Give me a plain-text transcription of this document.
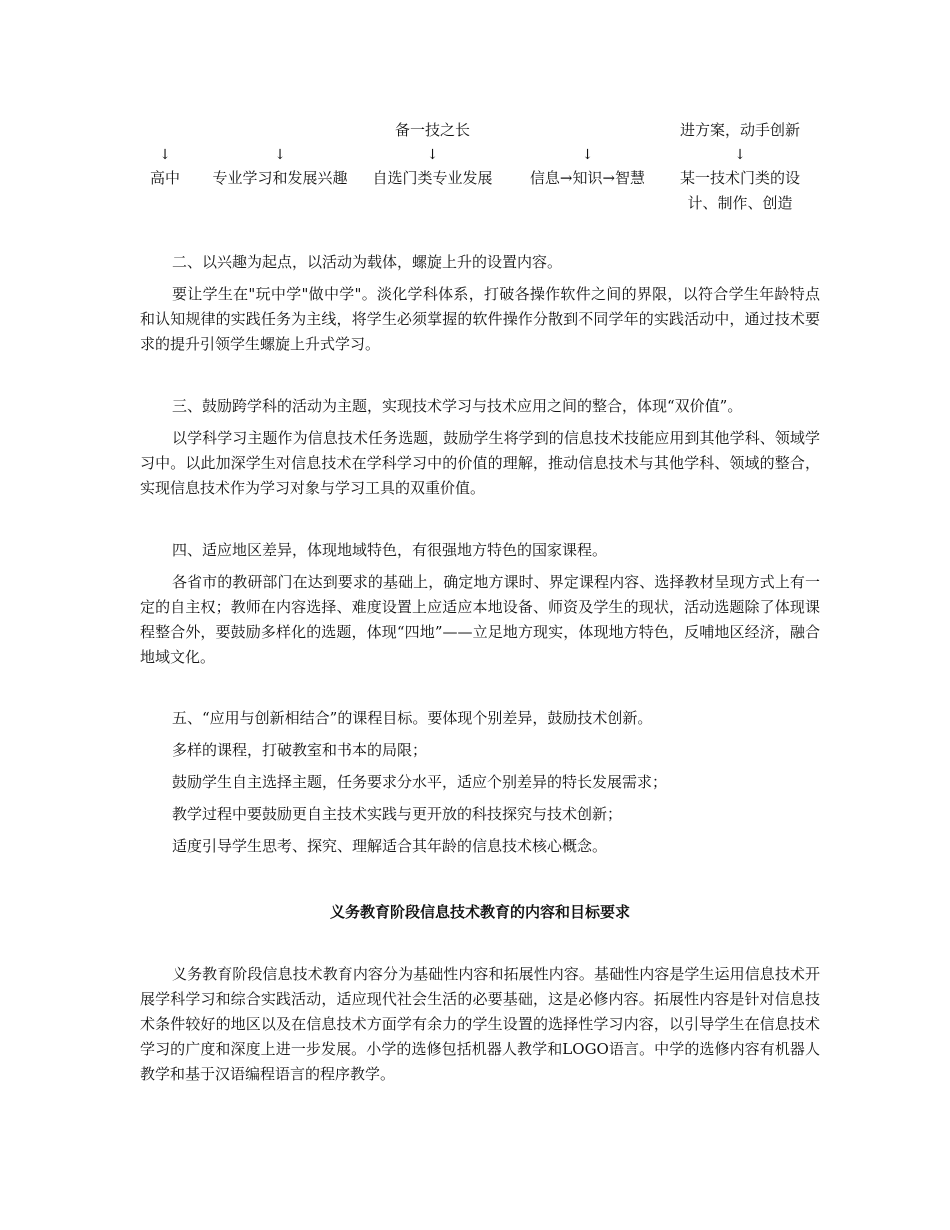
↓
高中
↓
专业学习和发展兴趣
备一技之长
↓
自选门类专业发展
↓
信息→知识→智慧
进方案，动手创新
↓
某一技术门类的设计、制作、创造
二、以兴趣为起点，以活动为载体，螺旋上升的设置内容。
要让学生在"玩中学"做中学"。淡化学科体系，打破各操作软件之间的界限，以符合学生年龄特点和认知规律的实践任务为主线，将学生必须掌握的软件操作分散到不同学年的实践活动中，通过技术要求的提升引领学生螺旋上升式学习。
三、鼓励跨学科的活动为主题，实现技术学习与技术应用之间的整合，体现“双价值”。
以学科学习主题作为信息技术任务选题，鼓励学生将学到的信息技术技能应用到其他学科、领域学习中。以此加深学生对信息技术在学科学习中的价值的理解，推动信息技术与其他学科、领域的整合，实现信息技术作为学习对象与学习工具的双重价值。
四、适应地区差异，体现地域特色，有很强地方特色的国家课程。
各省市的教研部门在达到要求的基础上，确定地方课时、界定课程内容、选择教材呈现方式上有一定的自主权；教师在内容选择、难度设置上应适应本地设备、师资及学生的现状，活动选题除了体现课程整合外，要鼓励多样化的选题，体现“四地”——立足地方现实，体现地方特色，反哺地区经济，融合地域文化。
五、“应用与创新相结合”的课程目标。要体现个别差异，鼓励技术创新。
多样的课程，打破教室和书本的局限；
鼓励学生自主选择主题，任务要求分水平，适应个别差异的特长发展需求；
教学过程中要鼓励更自主技术实践与更开放的科技探究与技术创新；
适度引导学生思考、探究、理解适合其年龄的信息技术核心概念。
义务教育阶段信息技术教育的内容和目标要求
义务教育阶段信息技术教育内容分为基础性内容和拓展性内容。基础性内容是学生运用信息技术开展学科学习和综合实践活动，适应现代社会生活的必要基础，这是必修内容。拓展性内容是针对信息技术条件较好的地区以及在信息技术方面学有余力的学生设置的选择性学习内容，以引导学生在信息技术学习的广度和深度上进一步发展。小学的选修包括机器人教学和LOGO语言。中学的选修内容有机器人教学和基于汉语编程语言的程序教学。
